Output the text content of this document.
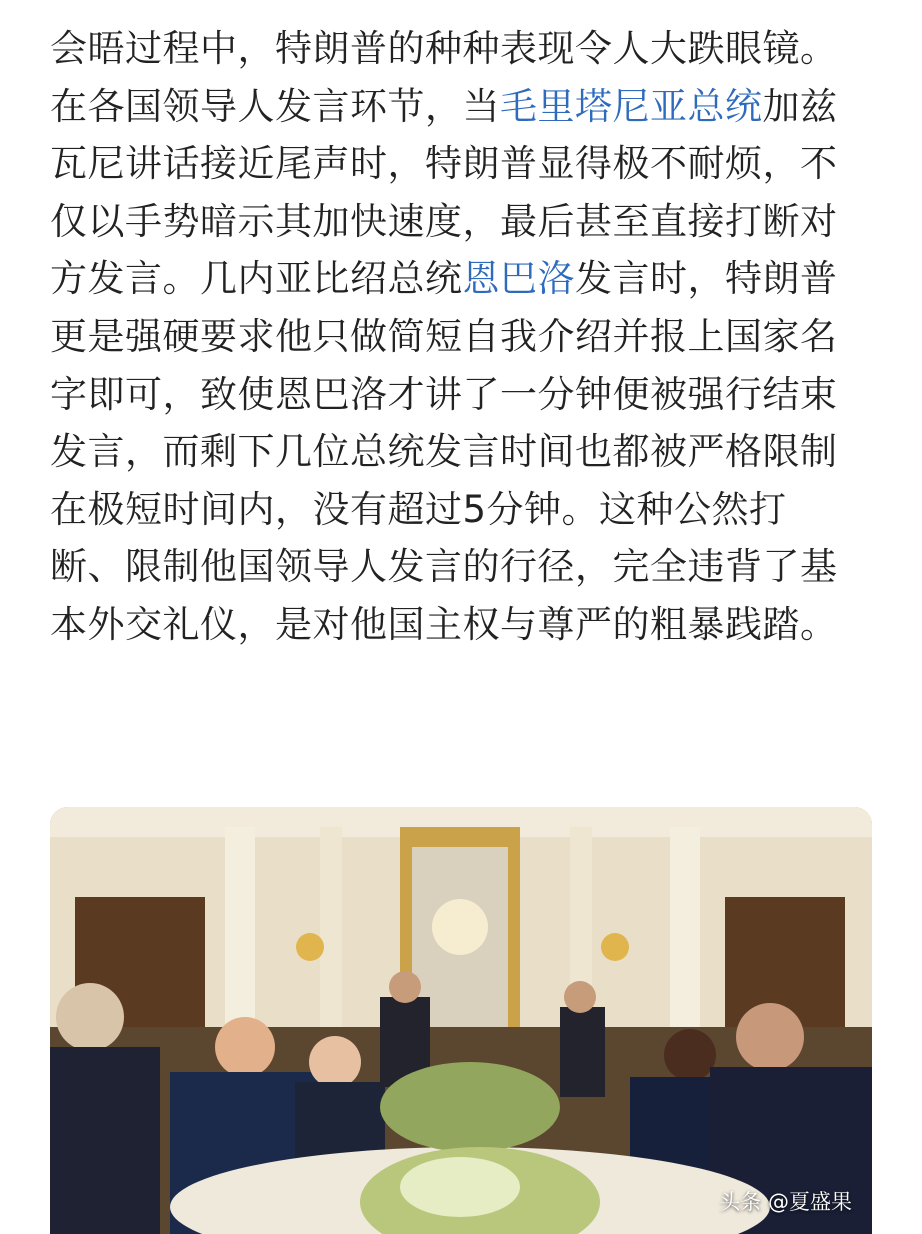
会晤过程中，特朗普的种种表现令人大跌眼镜。在各国领导人发言环节，当毛里塔尼亚总统加兹瓦尼讲话接近尾声时，特朗普显得极不耐烦，不仅以手势暗示其加快速度，最后甚至直接打断对方发言。几内亚比绍总统恩巴洛发言时，特朗普更是强硬要求他只做简短自我介绍并报上国家名字即可，致使恩巴洛才讲了一分钟便被强行结束发言，而剩下几位总统发言时间也都被严格限制在极短时间内，没有超过5分钟。这种公然打断、限制他国领导人发言的行径，完全违背了基本外交礼仪，是对他国主权与尊严的粗暴践踏。
头条 @夏盛果
